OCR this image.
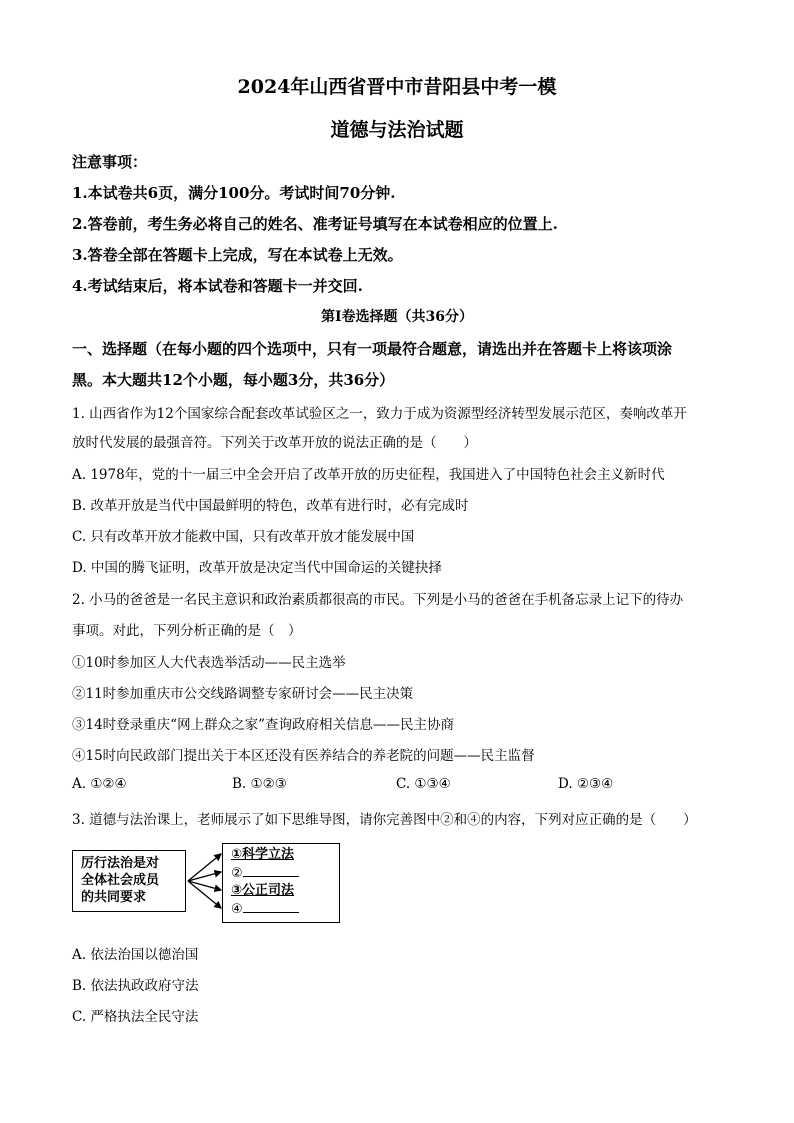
2024年山西省晋中市昔阳县中考一模
道德与法治试题
注意事项：
1.本试卷共6页，满分100分。考试时间70分钟.
2.答卷前，考生务必将自己的姓名、准考证号填写在本试卷相应的位置上.
3.答卷全部在答题卡上完成，写在本试卷上无效。
4.考试结束后，将本试卷和答题卡一并交回.
第Ⅰ卷选择题（共36分）
一、选择题（在每小题的四个选项中，只有一项最符合题意，请选出并在答题卡上将该项涂
黑。本大题共12个小题，每小题3分，共36分）
1. 山西省作为12个国家综合配套改革试验区之一，致力于成为资源型经济转型发展示范区，奏响改革开
放时代发展的最强音符。下列关于改革开放的说法正确的是（　　）
A. 1978年，党的十一届三中全会开启了改革开放的历史征程，我国进入了中国特色社会主义新时代
B. 改革开放是当代中国最鲜明的特色，改革有进行时，必有完成时
C. 只有改革开放才能救中国，只有改革开放才能发展中国
D. 中国的腾飞证明，改革开放是决定当代中国命运的关键抉择
2. 小马的爸爸是一名民主意识和政治素质都很高的市民。下列是小马的爸爸在手机备忘录上记下的待办
事项。对此，下列分析正确的是（　）
①10时参加区人大代表选举活动——民主选举
②11时参加重庆市公交线路调整专家研讨会——民主决策
③14时登录重庆“网上群众之家”查询政府相关信息——民主协商
④15时向民政部门提出关于本区还没有医养结合的养老院的问题——民主监督
A. ①②④	B. ①②③	C. ①③④	D. ②③④
3. 道德与法治课上，老师展示了如下思维导图，请你完善图中②和④的内容，下列对应正确的是（　　）
厉行法治是对
全体社会成员
的共同要求
①科学立法
②
③公正司法
④
A. 依法治国以德治国
B. 依法执政政府守法
C. 严格执法全民守法
